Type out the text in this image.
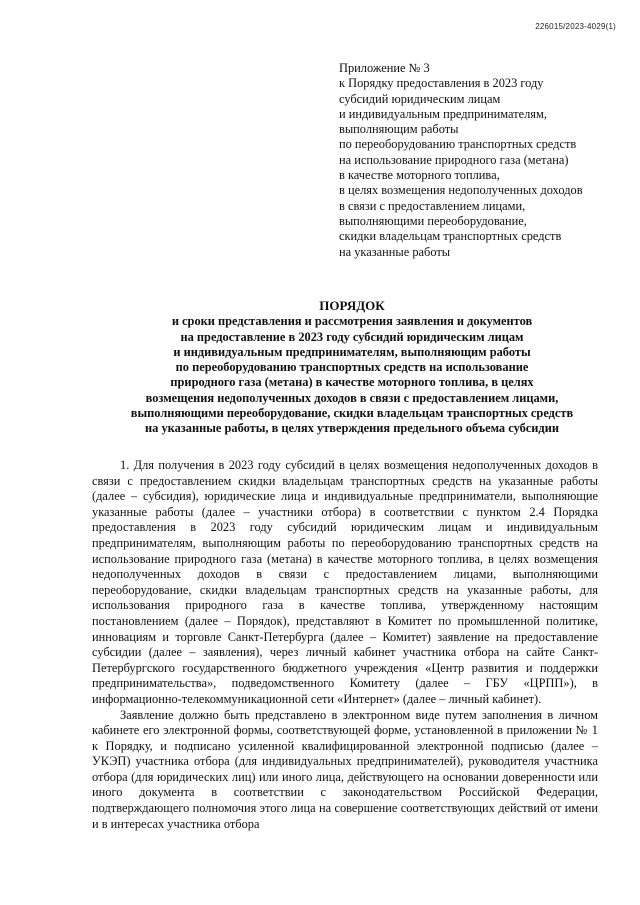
226015/2023-4029(1)
Приложение № 3
к Порядку предоставления в 2023 году
субсидий юридическим лицам
и индивидуальным предпринимателям,
выполняющим работы
по переоборудованию транспортных средств
на использование природного газа (метана)
в качестве моторного топлива,
в целях возмещения недополученных доходов
в связи с предоставлением лицами,
выполняющими переоборудование,
скидки владельцам транспортных средств
на указанные работы
ПОРЯДОК
и сроки представления и рассмотрения заявления и документов
на предоставление в 2023 году субсидий юридическим лицам
и индивидуальным предпринимателям, выполняющим работы
по переоборудованию транспортных средств на использование
природного газа (метана) в качестве моторного топлива, в целях
возмещения недополученных доходов в связи с предоставлением лицами,
выполняющими переоборудование, скидки владельцам транспортных средств
на указанные работы, в целях утверждения предельного объема субсидии

1. Для получения в 2023 году субсидий в целях возмещения недополученных доходов в связи с предоставлением скидки владельцам транспортных средств на указанные работы (далее – субсидия), юридические лица и индивидуальные предприниматели, выполняющие указанные работы (далее – участники отбора) в соответствии с пунктом 2.4 Порядка предоставления в 2023 году субсидий юридическим лицам и индивидуальным предпринимателям, выполняющим работы по переоборудованию транспортных средств на использование природного газа (метана) в качестве моторного топлива, в целях возмещения недополученных доходов в связи с предоставлением лицами, выполняющими переоборудование, скидки владельцам транспортных средств на указанные работы, для использования природного газа в качестве топлива, утвержденному настоящим постановлением (далее – Порядок), представляют в Комитет по промышленной политике, инновациям и торговле Санкт-Петербурга (далее – Комитет) заявление на предоставление субсидии (далее – заявления), через личный кабинет участника отбора на сайте Санкт-Петербургского государственного бюджетного учреждения «Центр развития и поддержки предпринимательства», подведомственного Комитету (далее – ГБУ «ЦРПП»), в информационно-телекоммуникационной сети «Интернет» (далее – личный кабинет).

Заявление должно быть представлено в электронном виде путем заполнения в личном кабинете его электронной формы, соответствующей форме, установленной в приложении № 1 к Порядку, и подписано усиленной квалифицированной электронной подписью (далее – УКЭП) участника отбора (для индивидуальных предпринимателей), руководителя участника отбора (для юридических лиц) или иного лица, действующего на основании доверенности или иного документа в соответствии с законодательством Российской Федерации, подтверждающего полномочия этого лица на совершение соответствующих действий от имени и в интересах участника отбора
